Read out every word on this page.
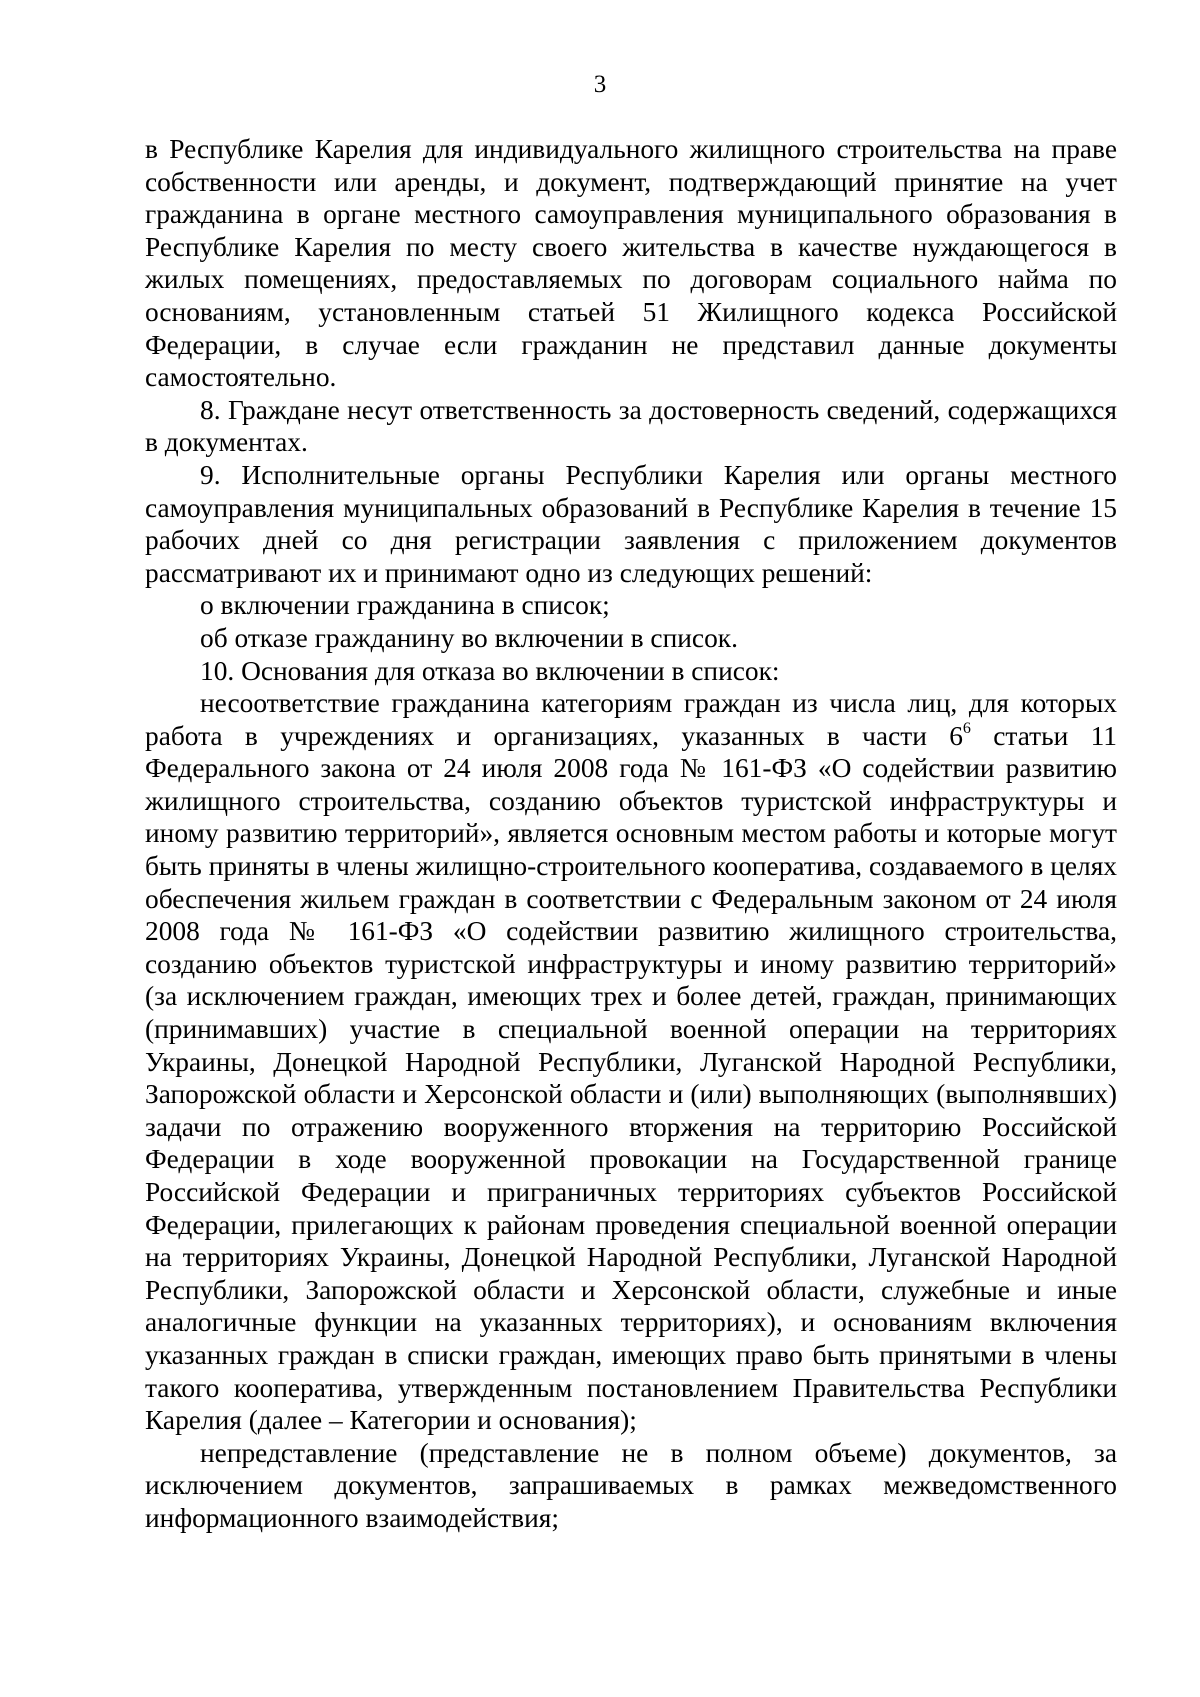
3

в Республике Карелия для индивидуального жилищного строительства на праве собственности или аренды, и документ, подтверждающий принятие на учет гражданина в органе местного самоуправления муниципального образования в Республике Карелия по месту своего жительства в качестве нуждающегося в жилых помещениях, предоставляемых по договорам социального найма по основаниям, установленным статьей 51 Жилищного кодекса Российской Федерации, в случае если гражданин не представил данные документы самостоятельно.

8. Граждане несут ответственность за достоверность сведений, содержащихся в документах.

9. Исполнительные органы Республики Карелия или органы местного самоуправления муниципальных образований в Республике Карелия в течение 15 рабочих дней со дня регистрации заявления с приложением документов рассматривают их и принимают одно из следующих решений:

о включении гражданина в список;

об отказе гражданину во включении в список.

10. Основания для отказа во включении в список:

несоответствие гражданина категориям граждан из числа лиц, для которых работа в учреждениях и организациях, указанных в части $6^6$ статьи 11 Федерального закона от 24 июля 2008 года № 161-ФЗ «О содействии развитию жилищного строительства, созданию объектов туристской инфраструктуры и иному развитию территорий», является основным местом работы и которые могут быть приняты в члены жилищно-строительного кооператива, создаваемого в целях обеспечения жильем граждан в соответствии с Федеральным законом от 24 июля 2008 года № 161-ФЗ «О содействии развитию жилищного строительства, созданию объектов туристской инфраструктуры и иному развитию территорий» (за исключением граждан, имеющих трех и более детей, граждан, принимающих (принимавших) участие в специальной военной операции на территориях Украины, Донецкой Народной Республики, Луганской Народной Республики, Запорожской области и Херсонской области и (или) выполняющих (выполнявших) задачи по отражению вооруженного вторжения на территорию Российской Федерации в ходе вооруженной провокации на Государственной границе Российской Федерации и приграничных территориях субъектов Российской Федерации, прилегающих к районам проведения специальной военной операции на территориях Украины, Донецкой Народной Республики, Луганской Народной Республики, Запорожской области и Херсонской области, служебные и иные аналогичные функции на указанных территориях), и основаниям включения указанных граждан в списки граждан, имеющих право быть принятыми в члены такого кооператива, утвержденным постановлением Правительства Республики Карелия (далее – Категории и основания);

непредставление (представление не в полном объеме) документов, за исключением документов, запрашиваемых в рамках межведомственного информационного взаимодействия;
